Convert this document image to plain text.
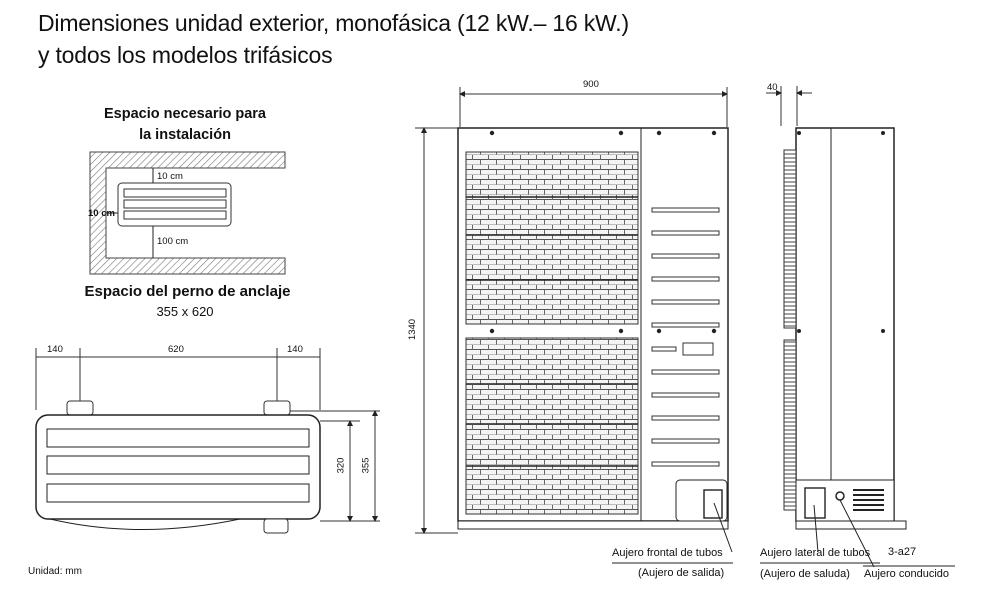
Dimensiones unidad exterior, monofásica (12 kW.– 16 kW.)
y todos los modelos trifásicos
Espacio necesario para
la instalación
Espacio del perno de anclaje
355 x 620
10 cm
10 cm
100 cm
140	620	140
320 355
900
1340
40
Aujero frontal de tubos
(Aujero de salida)
Aujero lateral de tubos
(Aujero de saluda) Aujero conducido
3-a27
Unidad: mm
